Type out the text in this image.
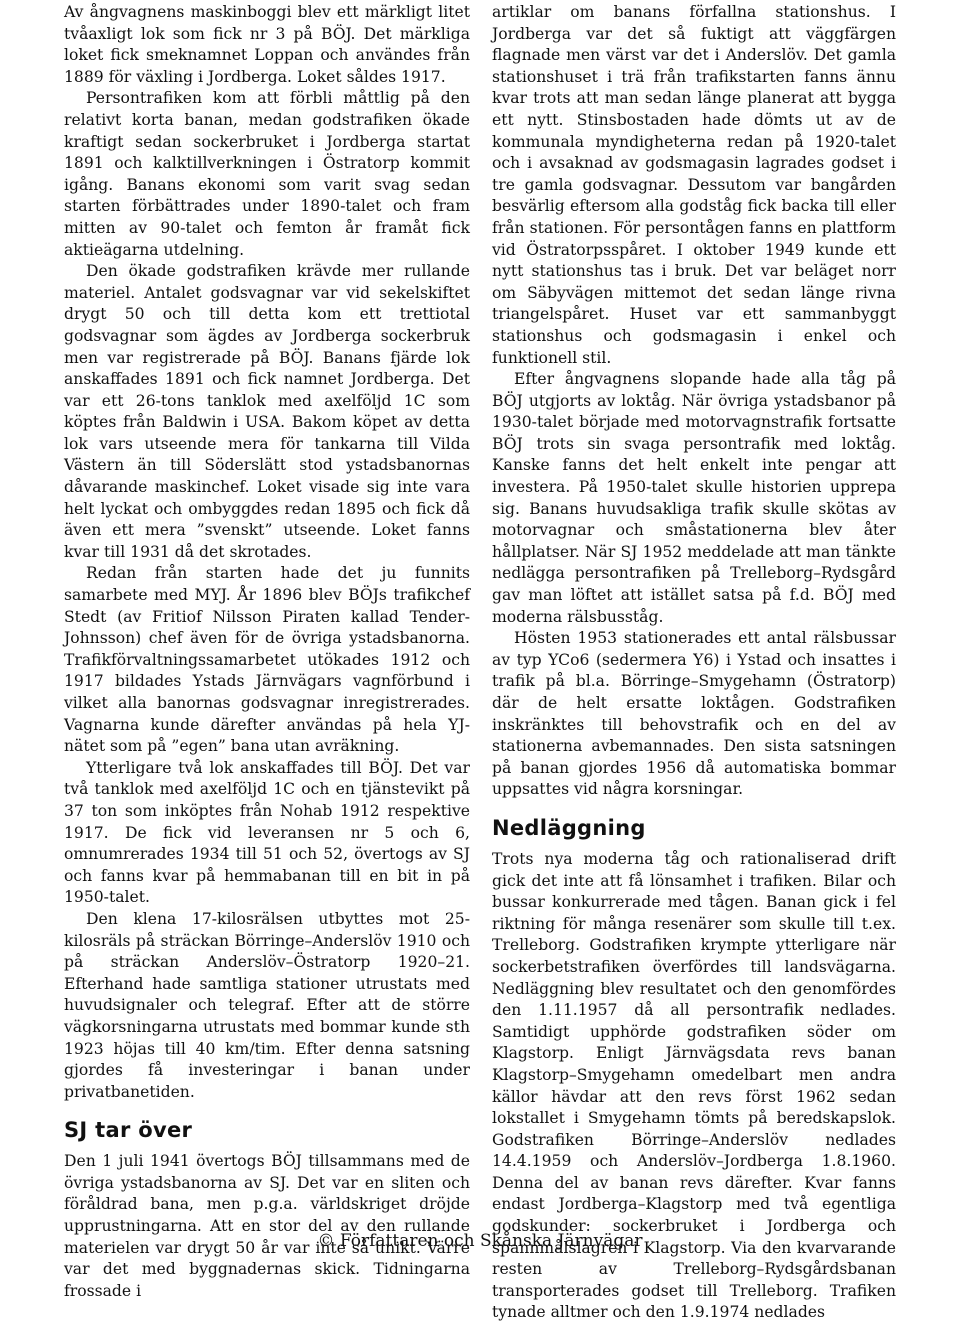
Av ångvagnens maskinboggi blev ett märkligt litet tvåaxligt lok som fick nr 3 på BÖJ. Det märkliga loket fick smeknamnet Loppan och användes från 1889 för växling i Jordberga. Loket såldes 1917.

Persontrafiken kom att förbli måttlig på den relativt korta banan, medan godstrafiken ökade kraftigt sedan sockerbruket i Jordberga startat 1891 och kalktillverkningen i Östratorp kommit igång. Banans ekonomi som varit svag sedan starten förbättrades under 1890-talet och fram mitten av 90-talet och femton år framåt fick aktieägarna utdelning.

Den ökade godstrafiken krävde mer rullande materiel. Antalet godsvagnar var vid sekelskiftet drygt 50 och till detta kom ett trettiotal godsvagnar som ägdes av Jordberga sockerbruk men var registrerade på BÖJ. Banans fjärde lok anskaffades 1891 och fick namnet Jordberga. Det var ett 26-tons tanklok med axelföljd 1C som köptes från Baldwin i USA. Bakom köpet av detta lok vars utseende mera för tankarna till Vilda Västern än till Söderslätt stod ystadsbanornas dåvarande maskinchef. Loket visade sig inte vara helt lyckat och ombyggdes redan 1895 och fick då även ett mera ”svenskt” utseende. Loket fanns kvar till 1931 då det skrotades.

Redan från starten hade det ju funnits samarbete med MYJ. År 1896 blev BÖJs trafikchef Stedt (av Fritiof Nilsson Piraten kallad Tender-Johnsson) chef även för de övriga ystadsbanorna. Trafikförvaltningssamarbetet utökades 1912 och 1917 bildades Ystads Järnvägars vagnförbund i vilket alla banornas godsvagnar inregistrerades. Vagnarna kunde därefter användas på hela YJ-nätet som på ”egen” bana utan avräkning.

Ytterligare två lok anskaffades till BÖJ. Det var två tanklok med axelföljd 1C och en tjänstevikt på 37 ton som inköptes från Nohab 1912 respektive 1917. De fick vid leveransen nr 5 och 6, omnumrerades 1934 till 51 och 52, övertogs av SJ och fanns kvar på hemmabanan till en bit in på 1950-talet.

Den klena 17-kilosrälsen utbyttes mot 25-kilosräls på sträckan Börringe–Anderslöv 1910 och på sträckan Anderslöv–Östratorp 1920–21. Efterhand hade samtliga stationer utrustats med huvudsignaler och telegraf. Efter att de större vägkorsningarna utrustats med bommar kunde sth 1923 höjas till 40 km/tim. Efter denna satsning gjordes få investeringar i banan under privatbanetiden.

SJ tar över

Den 1 juli 1941 övertogs BÖJ tillsammans med de övriga ystadsbanorna av SJ. Det var en sliten och föråldrad bana, men p.g.a. världskriget dröjde upprustningarna. Att en stor del av den rullande materielen var drygt 50 år var inte så unikt. Värre var det med byggnadernas skick. Tidningarna frossade i

artiklar om banans förfallna stationshus. I Jordberga var det så fuktigt att väggfärgen flagnade men värst var det i Anderslöv. Det gamla stationshuset i trä från trafikstarten fanns ännu kvar trots att man sedan länge planerat att bygga ett nytt. Stinsbostaden hade dömts ut av de kommunala myndigheterna redan på 1920-talet och i avsaknad av godsmagasin lagrades godset i tre gamla godsvagnar. Dessutom var bangården besvärlig eftersom alla godståg fick backa till eller från stationen. För persontågen fanns en plattform vid Östratorpsspåret. I oktober 1949 kunde ett nytt stationshus tas i bruk. Det var beläget norr om Säbyvägen mittemot det sedan länge rivna triangelspåret. Huset var ett sammanbyggt stationshus och godsmagasin i enkel och funktionell stil.

Efter ångvagnens slopande hade alla tåg på BÖJ utgjorts av loktåg. När övriga ystadsbanor på 1930-talet började med motorvagnstrafik fortsatte BÖJ trots sin svaga persontrafik med loktåg. Kanske fanns det helt enkelt inte pengar att investera. På 1950-talet skulle historien upprepa sig. Banans huvudsakliga trafik skulle skötas av motorvagnar och småstationerna blev åter hållplatser. När SJ 1952 meddelade att man tänkte nedlägga persontrafiken på Trelleborg–Rydsgård gav man löftet att istället satsa på f.d. BÖJ med moderna rälsbusståg.

Hösten 1953 stationerades ett antal rälsbussar av typ YCo6 (sedermera Y6) i Ystad och insattes i trafik på bl.a. Börringe–Smygehamn (Östratorp) där de helt ersatte loktågen. Godstrafiken inskränktes till behovstrafik och en del av stationerna avbemannades. Den sista satsningen på banan gjordes 1956 då automatiska bommar uppsattes vid några korsningar.

Nedläggning

Trots nya moderna tåg och rationaliserad drift gick det inte att få lönsamhet i trafiken. Bilar och bussar konkurrerade med tågen. Banan gick i fel riktning för många resenärer som skulle till t.ex. Trelleborg. Godstrafiken krympte ytterligare när sockerbetstrafiken överfördes till landsvägarna. Nedläggning blev resultatet och den genomfördes den 1.11.1957 då all persontrafik nedlades. Samtidigt upphörde godstrafiken söder om Klagstorp. Enligt Järnvägsdata revs banan Klagstorp–Smygehamn omedelbart men andra källor hävdar att den revs först 1962 sedan lokstallet i Smygehamn tömts på beredskapslok. Godstrafiken Börringe–Anderslöv nedlades 14.4.1959 och Anderslöv–Jordberga 1.8.1960. Denna del av banan revs därefter. Kvar fanns endast Jordberga–Klagstorp med två egentliga godskunder: sockerbruket i Jordberga och spannmålslagren i Klagstorp. Via den kvarvarande resten av Trelleborg–Rydsgårdsbanan transporterades godset till Trelleborg. Trafiken tynade alltmer och den 1.9.1974 nedlades

© Författaren och Skånska Järnvägar
